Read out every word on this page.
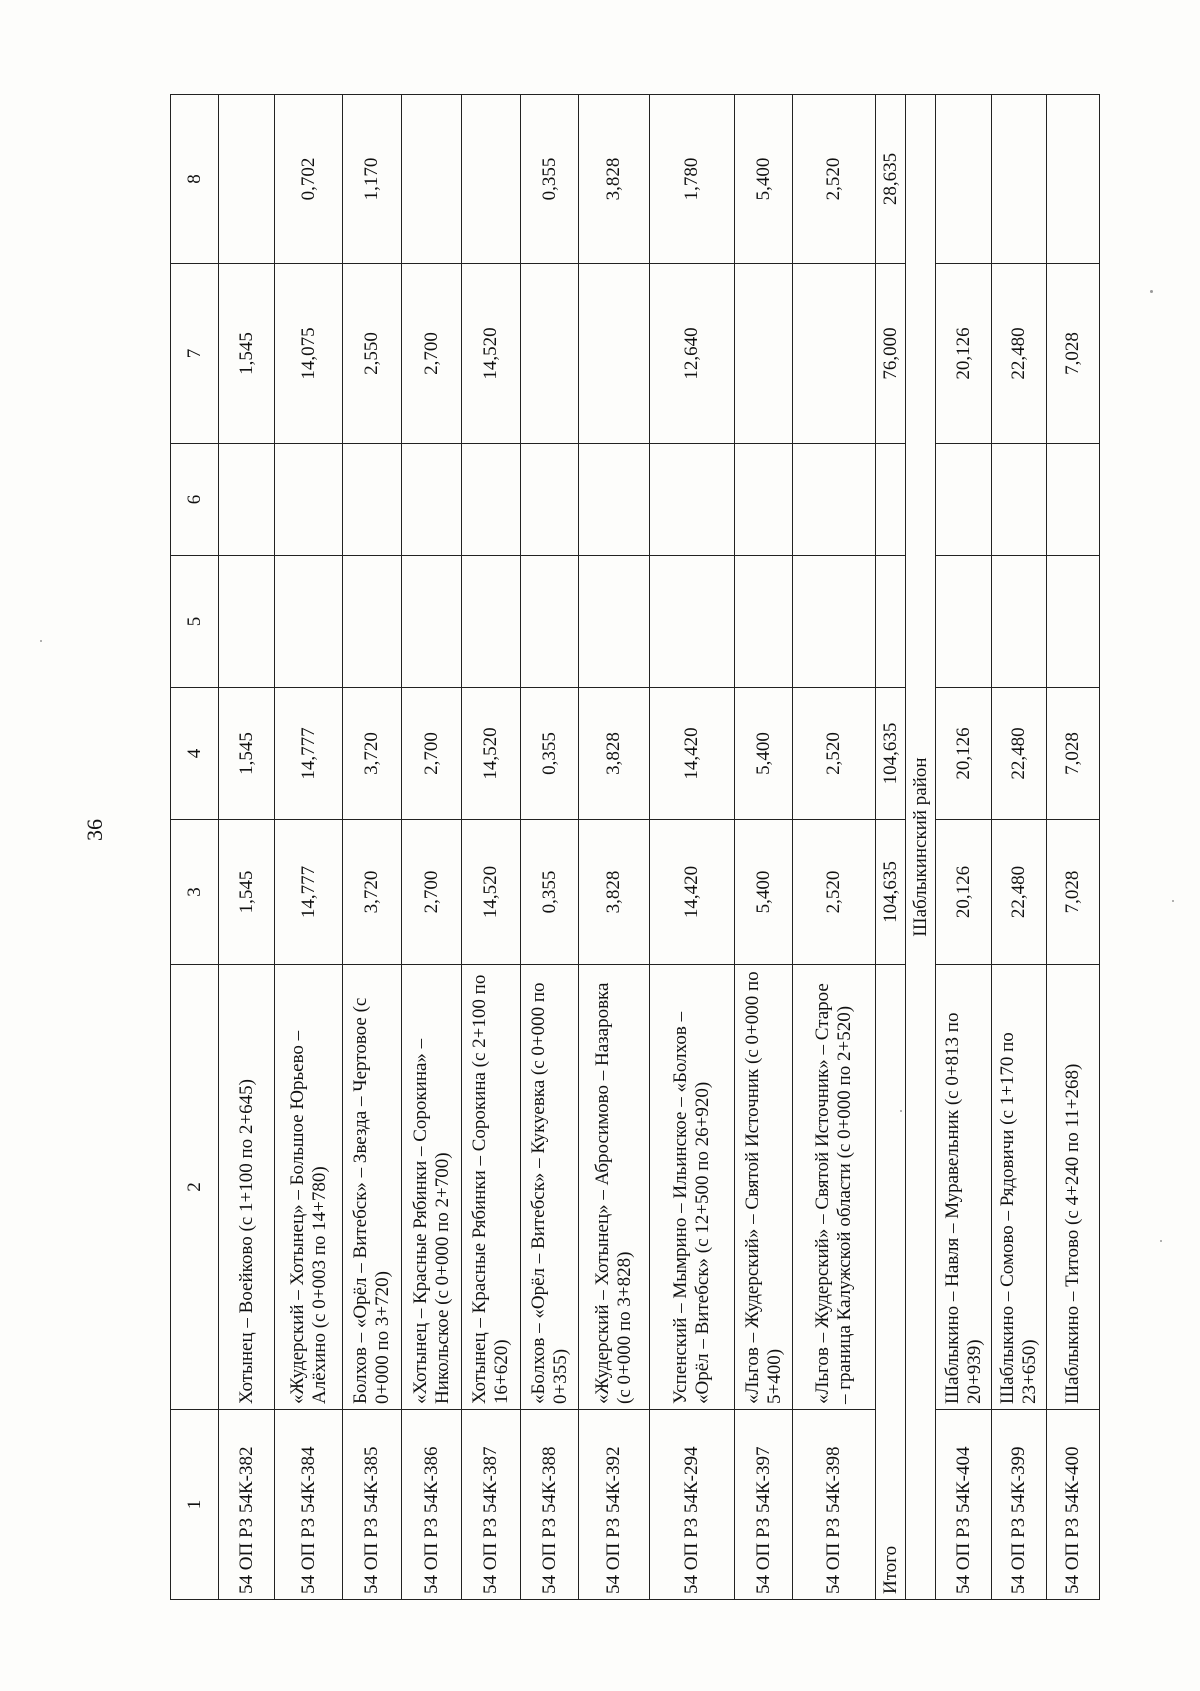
36
1	2	3	4	5	6	7	8
54 ОП РЗ 54К-382	Хотынец – Воейково (с 1+100 по 2+645)	1,545	1,545			1,545	
54 ОП РЗ 54К-384	«Жудерский – Хотынец» – Большое Юрьево – Алёхино (с 0+003 по 14+780)	14,777	14,777			14,075	0,702
54 ОП РЗ 54К-385	Болхов – «Орёл – Витебск» – Звезда – Чертовое (с 0+000 по 3+720)	3,720	3,720			2,550	1,170
54 ОП РЗ 54К-386	«Хотынец – Красные Рябинки – Сорокина» – Никольское (с 0+000 по 2+700)	2,700	2,700			2,700	
54 ОП РЗ 54К-387	Хотынец – Красные Рябинки – Сорокина (с 2+100 по 16+620)	14,520	14,520			14,520	
54 ОП РЗ 54К-388	«Болхов – «Орёл – Витебск» – Кукуевка (с 0+000 по 0+355)	0,355	0,355				0,355
54 ОП РЗ 54К-392	«Жудерский – Хотынец» – Абросимово – Назаровка (с 0+000 по 3+828)	3,828	3,828				3,828
54 ОП РЗ 54К-294	Успенский – Мымрино – Ильинское – «Болхов – «Орёл – Витебск» (с 12+500 по 26+920)	14,420	14,420			12,640	1,780
54 ОП РЗ 54К-397	«Льгов – Жудерский» – Святой Источник (с 0+000 по 5+400)	5,400	5,400				5,400
54 ОП РЗ 54К-398	«Льгов – Жудерский» – Святой Источник» – Старое – граница Калужской области (с 0+000 по 2+520)	2,520	2,520				2,520
Итого		104,635	104,635			76,000	28,635
Шаблыкинский район							
54 ОП РЗ 54К-404	Шаблыкино – Навля – Муравельник (с 0+813 по 20+939)	20,126	20,126			20,126	
54 ОП РЗ 54К-399	Шаблыкино – Сомово – Рядовичи (с 1+170 по 23+650)	22,480	22,480			22,480	
54 ОП РЗ 54К-400	Шаблыкино – Титово (с 4+240 по 11+268)	7,028	7,028			7,028	
